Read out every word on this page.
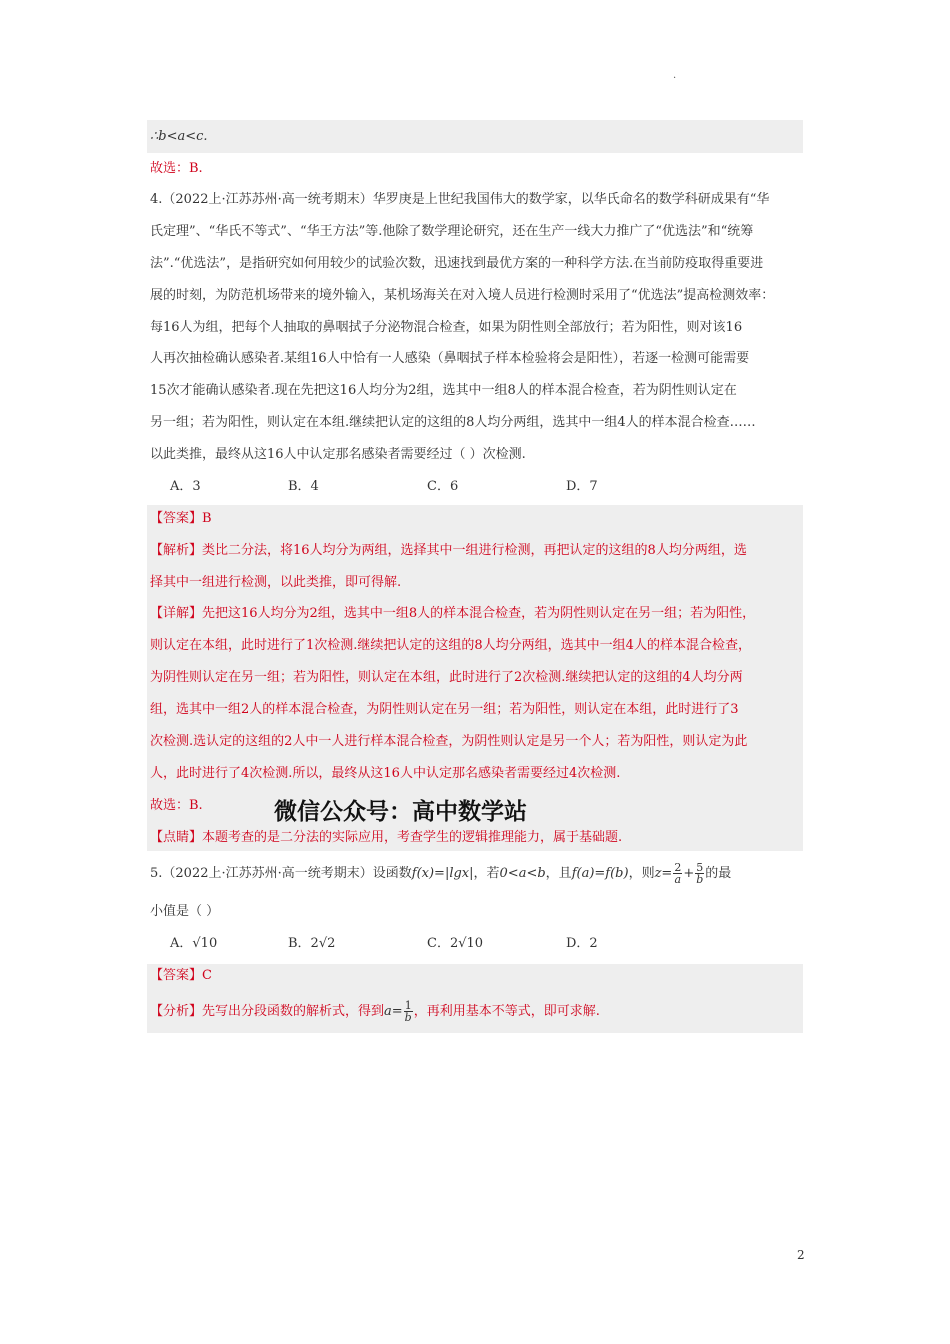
.
∴b<a<c.
故选：B.
4.（2022上·江苏苏州·高一统考期末）华罗庚是上世纪我国伟大的数学家，以华氏命名的数学科研成果有“华
氏定理”、“华氏不等式”、“华王方法”等.他除了数学理论研究，还在生产一线大力推广了“优选法”和“统筹
法”.“优选法”，是指研究如何用较少的试验次数，迅速找到最优方案的一种科学方法.在当前防疫取得重要进
展的时刻，为防范机场带来的境外输入，某机场海关在对入境人员进行检测时采用了“优选法”提高检测效率：
每16人为组，把每个人抽取的鼻咽拭子分泌物混合检查，如果为阴性则全部放行；若为阳性，则对该16
人再次抽检确认感染者.某组16人中恰有一人感染（鼻咽拭子样本检验将会是阳性），若逐一检测可能需要
15次才能确认感染者.现在先把这16人均分为2组，选其中一组8人的样本混合检查，若为阴性则认定在
另一组；若为阳性，则认定在本组.继续把认定的这组的8人均分两组，选其中一组4人的样本混合检查……
以此类推，最终从这16人中认定那名感染者需要经过（ ）次检测.
A．3	B．4	C．6	D．7
【答案】B
【解析】类比二分法，将16人均分为两组，选择其中一组进行检测，再把认定的这组的8人均分两组，选
择其中一组进行检测，以此类推，即可得解.
【详解】先把这16人均分为2组，选其中一组8人的样本混合检查，若为阴性则认定在另一组；若为阳性，
则认定在本组，此时进行了1次检测.继续把认定的这组的8人均分两组，选其中一组4人的样本混合检查，
为阴性则认定在另一组；若为阳性，则认定在本组，此时进行了2次检测.继续把认定的这组的4人均分两
组，选其中一组2人的样本混合检查，为阴性则认定在另一组；若为阳性，则认定在本组，此时进行了3
次检测.选认定的这组的2人中一人进行样本混合检查，为阴性则认定是另一个人；若为阳性，则认定为此
人，此时进行了4次检测.所以，最终从这16人中认定那名感染者需要经过4次检测.
故选：B.
【点睛】本题考查的是二分法的实际应用，考查学生的逻辑推理能力，属于基础题.
微信公众号：高中数学站
5.（2022上·江苏苏州·高一统考期末）设函数f(x)=|lgx|，若0<a<b，且f(a)=f(b)，则$z= \frac{2}{a} + \frac{5}{b}$ 的最
小值是（ ）
A．√10	B．2√2	C．2√10	D．2
【答案】C
【分析】先写出分段函数的解析式，得到$a= \frac{1}{b}$ ，再利用基本不等式，即可求解.
2
